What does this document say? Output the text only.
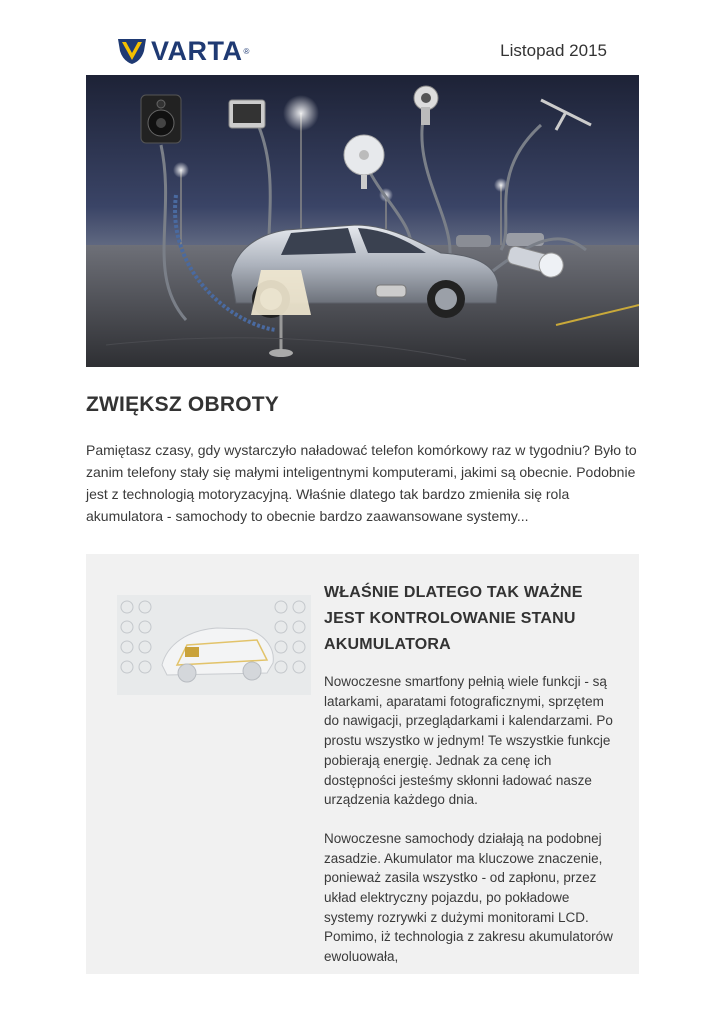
VARTA ®	Listopad 2015
ZWIĘKSZ OBROTY

Pamiętasz czasy, gdy wystarczyło naładować telefon komórkowy raz w tygodniu? Było to zanim telefony stały się małymi inteligentnymi komputerami, jakimi są obecnie. Podobnie jest z technologią motoryzacyjną. Właśnie dlatego tak bardzo zmieniła się rola akumulatora - samochody to obecnie bardzo zaawansowane systemy...

WŁAŚNIE DLATEGO TAK WAŻNE JEST KONTROLOWANIE STANU AKUMULATORA

Nowoczesne smartfony pełnią wiele funkcji - są latarkami, aparatami fotograficznymi, sprzętem do nawigacji, przeglądarkami i kalendarzami. Po prostu wszystko w jednym! Te wszystkie funkcje pobierają energię. Jednak za cenę ich dostępności jesteśmy skłonni ładować nasze urządzenia każdego dnia.

Nowoczesne samochody działają na podobnej zasadzie. Akumulator ma kluczowe znaczenie, ponieważ zasila wszystko - od zapłonu, przez układ elektryczny pojazdu, po pokładowe systemy rozrywki z dużymi monitorami LCD. Pomimo, iż technologia z zakresu akumulatorów ewoluowała,
